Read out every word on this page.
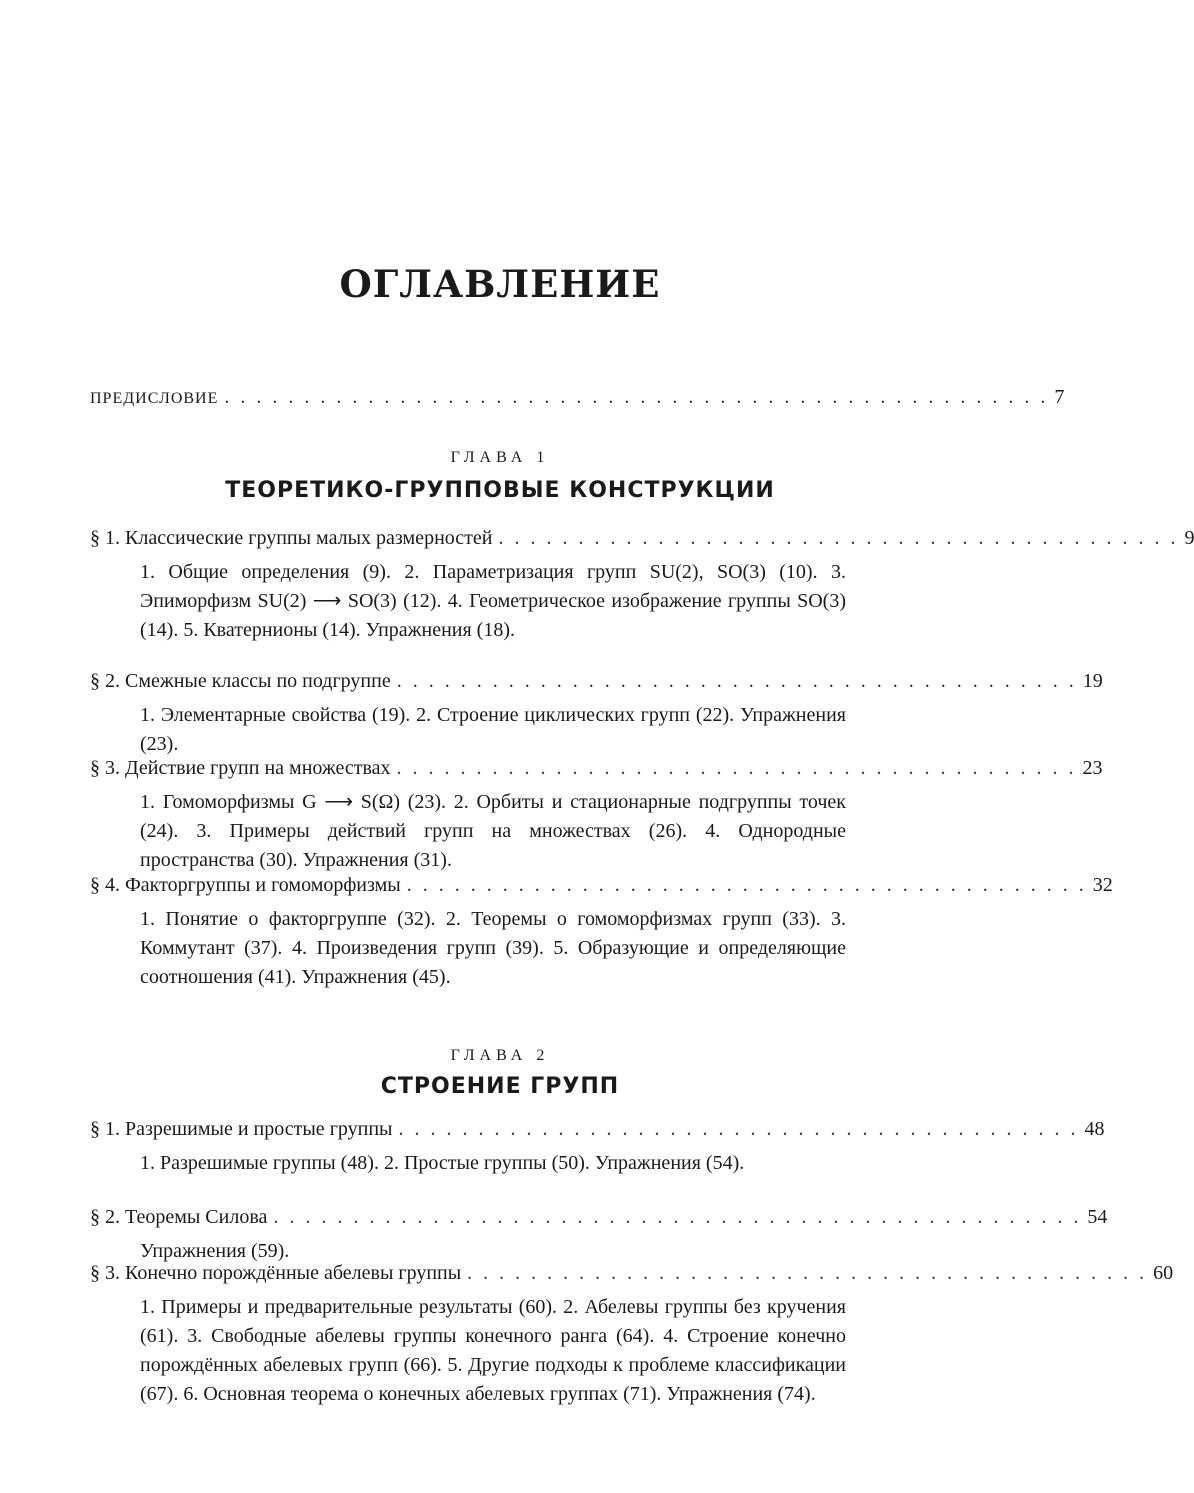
ОГЛАВЛЕНИЕ
ПРЕДИСЛОВИЕ . . . . . . . . . . . . . . . . . . . . . . . . . . . . . . . . . . . . . . . . . . . . . . . . . . . . 7
ГЛАВА 1
ТЕОРЕТИКО-ГРУППОВЫЕ КОНСТРУКЦИИ
§ 1. Классические группы малых размерностей . . . . . . . . . . . . . . . . . . . . . . . . . . . . . . . . . . . . . . . . . . . 9
1. Общие определения (9). 2. Параметризация групп SU(2), SO(3) (10). 3. Эпиморфизм SU(2) ⟶ SO(3) (12). 4. Геометрическое изображение группы SO(3) (14). 5. Кватернионы (14). Упражнения (18).
§ 2. Смежные классы по подгруппе . . . . . . . . . . . . . . . . . . . . . . . . . . . . . . . . . . . . . . . . . . . 19
1. Элементарные свойства (19). 2. Строение циклических групп (22). Упражнения (23).
§ 3. Действие групп на множествах . . . . . . . . . . . . . . . . . . . . . . . . . . . . . . . . . . . . . . . . . . . 23
1. Гомоморфизмы G ⟶ S(Ω) (23). 2. Орбиты и стационарные подгруппы точек (24). 3. Примеры действий групп на множествах (26). 4. Однородные пространства (30). Упражнения (31).
§ 4. Факторгруппы и гомоморфизмы . . . . . . . . . . . . . . . . . . . . . . . . . . . . . . . . . . . . . . . . . . . 32
1. Понятие о факторгруппе (32). 2. Теоремы о гомоморфизмах групп (33). 3. Коммутант (37). 4. Произведения групп (39). 5. Образующие и определяющие соотношения (41). Упражнения (45).
ГЛАВА 2
СТРОЕНИЕ ГРУПП
§ 1. Разрешимые и простые группы . . . . . . . . . . . . . . . . . . . . . . . . . . . . . . . . . . . . . . . . . . . 48
1. Разрешимые группы (48). 2. Простые группы (50). Упражнения (54).
§ 2. Теоремы Силова . . . . . . . . . . . . . . . . . . . . . . . . . . . . . . . . . . . . . . . . . . . . . . . . . . . 54
Упражнения (59).
§ 3. Конечно порождённые абелевы группы . . . . . . . . . . . . . . . . . . . . . . . . . . . . . . . . . . . . . . . . . . . 60
1. Примеры и предварительные результаты (60). 2. Абелевы группы без кручения (61). 3. Свободные абелевы группы конечного ранга (64). 4. Строение конечно порождённых абелевых групп (66). 5. Другие подходы к проблеме классификации (67). 6. Основная теорема о конечных абелевых группах (71). Упражнения (74).
